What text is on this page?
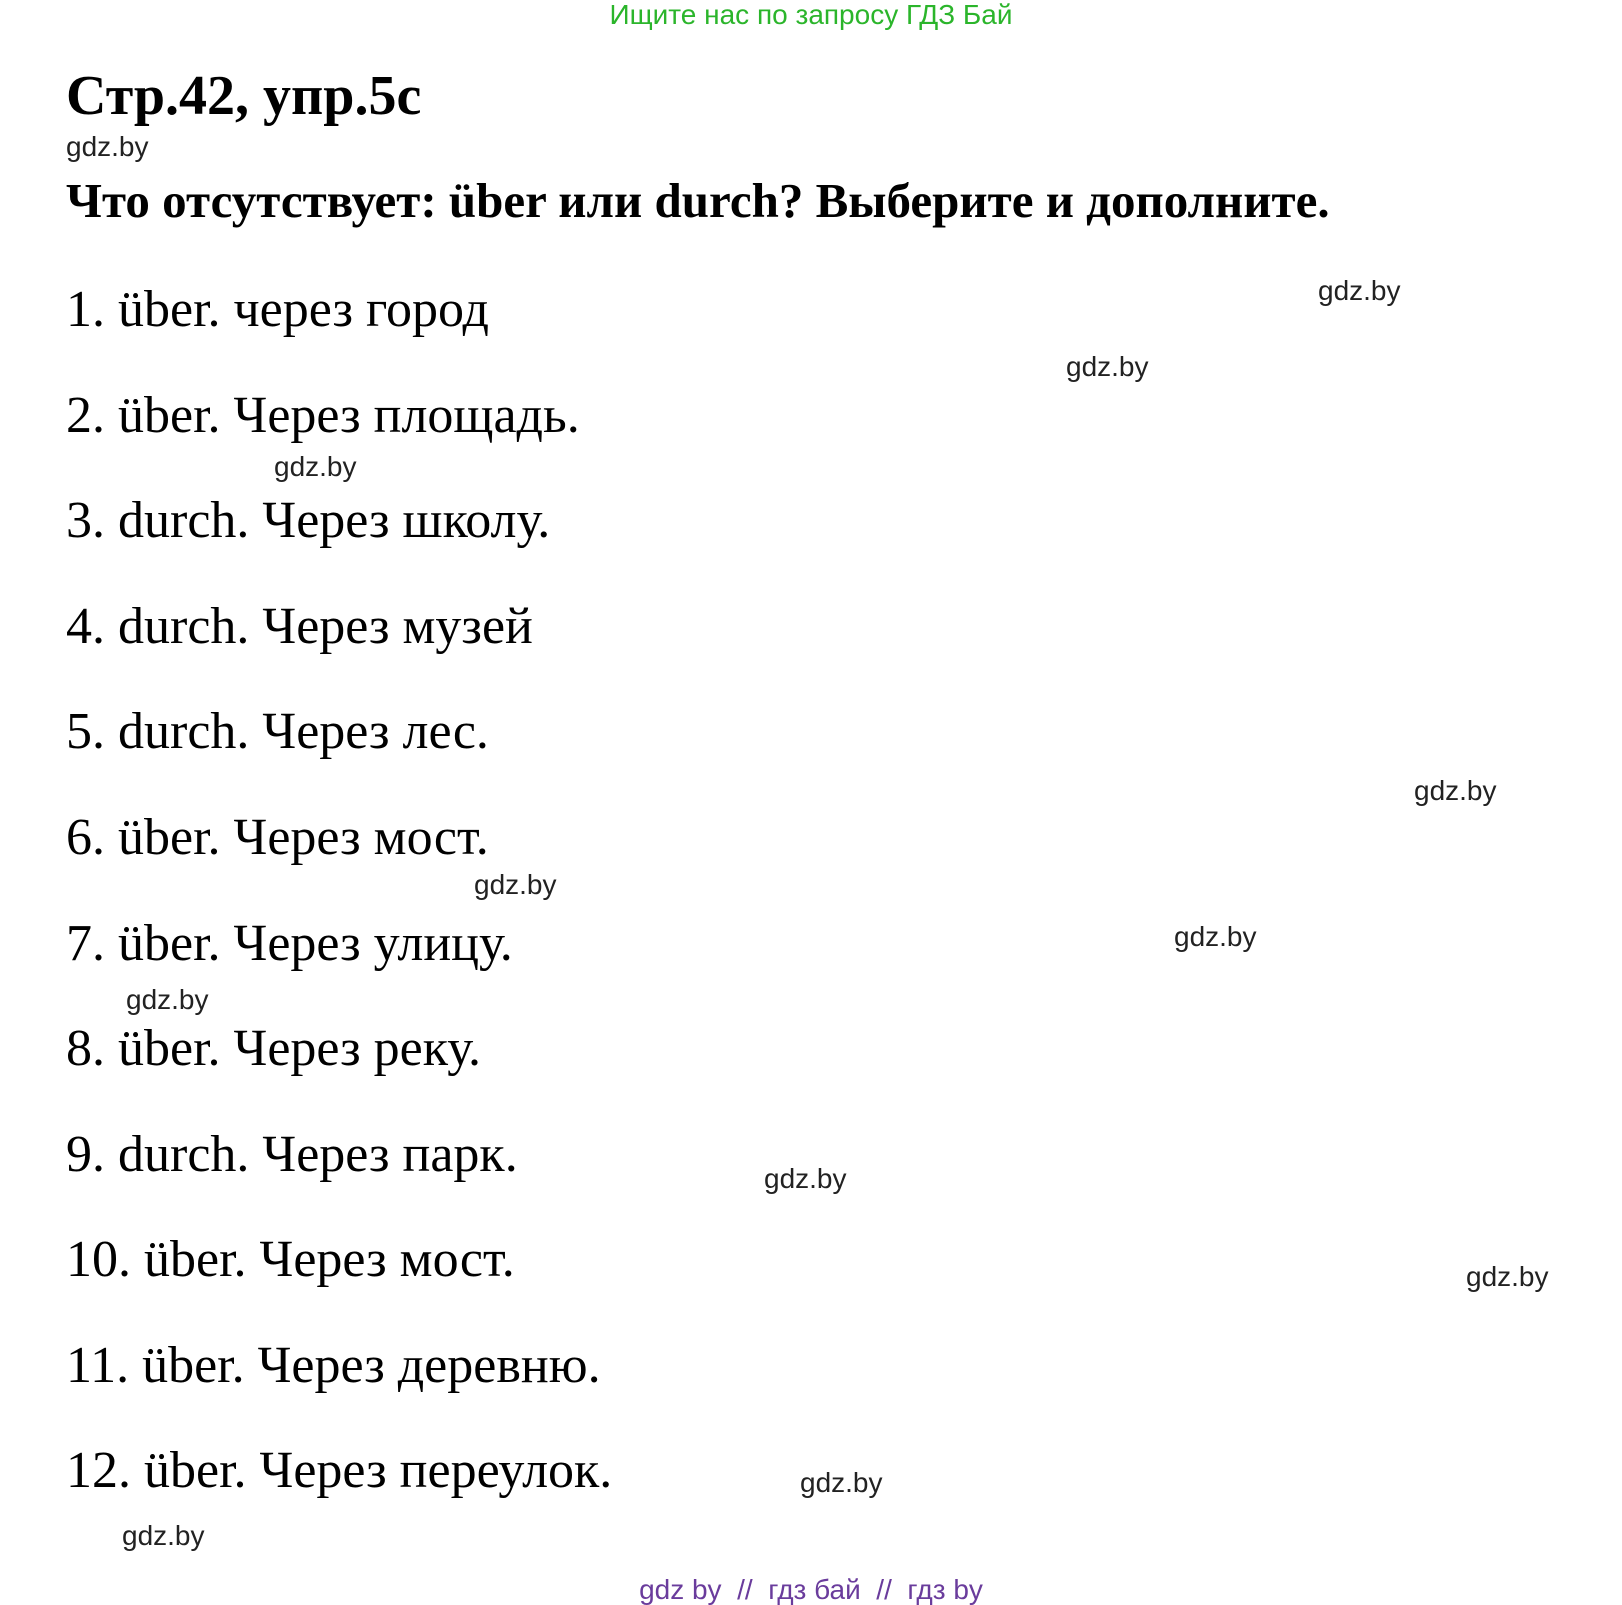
Ищите нас по запросу ГДЗ Бай
Стр.42, упр.5с
gdz.by
Что отсутствует: über или durch? Выберите и дополните.
1. über. через город
2. über. Через площадь.
3. durch. Через школу.
4. durch. Через музей
5. durch. Через лес.
6. über. Через мост.
7. über. Через улицу.
8. über. Через реку.
9. durch. Через парк.
10. über. Через мост.
11. über. Через деревню.
12. über. Через переулок.
gdz.by
gdz.by
gdz.by
gdz.by
gdz.by
gdz.by
gdz.by
gdz.by
gdz.by
gdz.by
gdz.by
gdz by  //  гдз бай  //  гдз by
